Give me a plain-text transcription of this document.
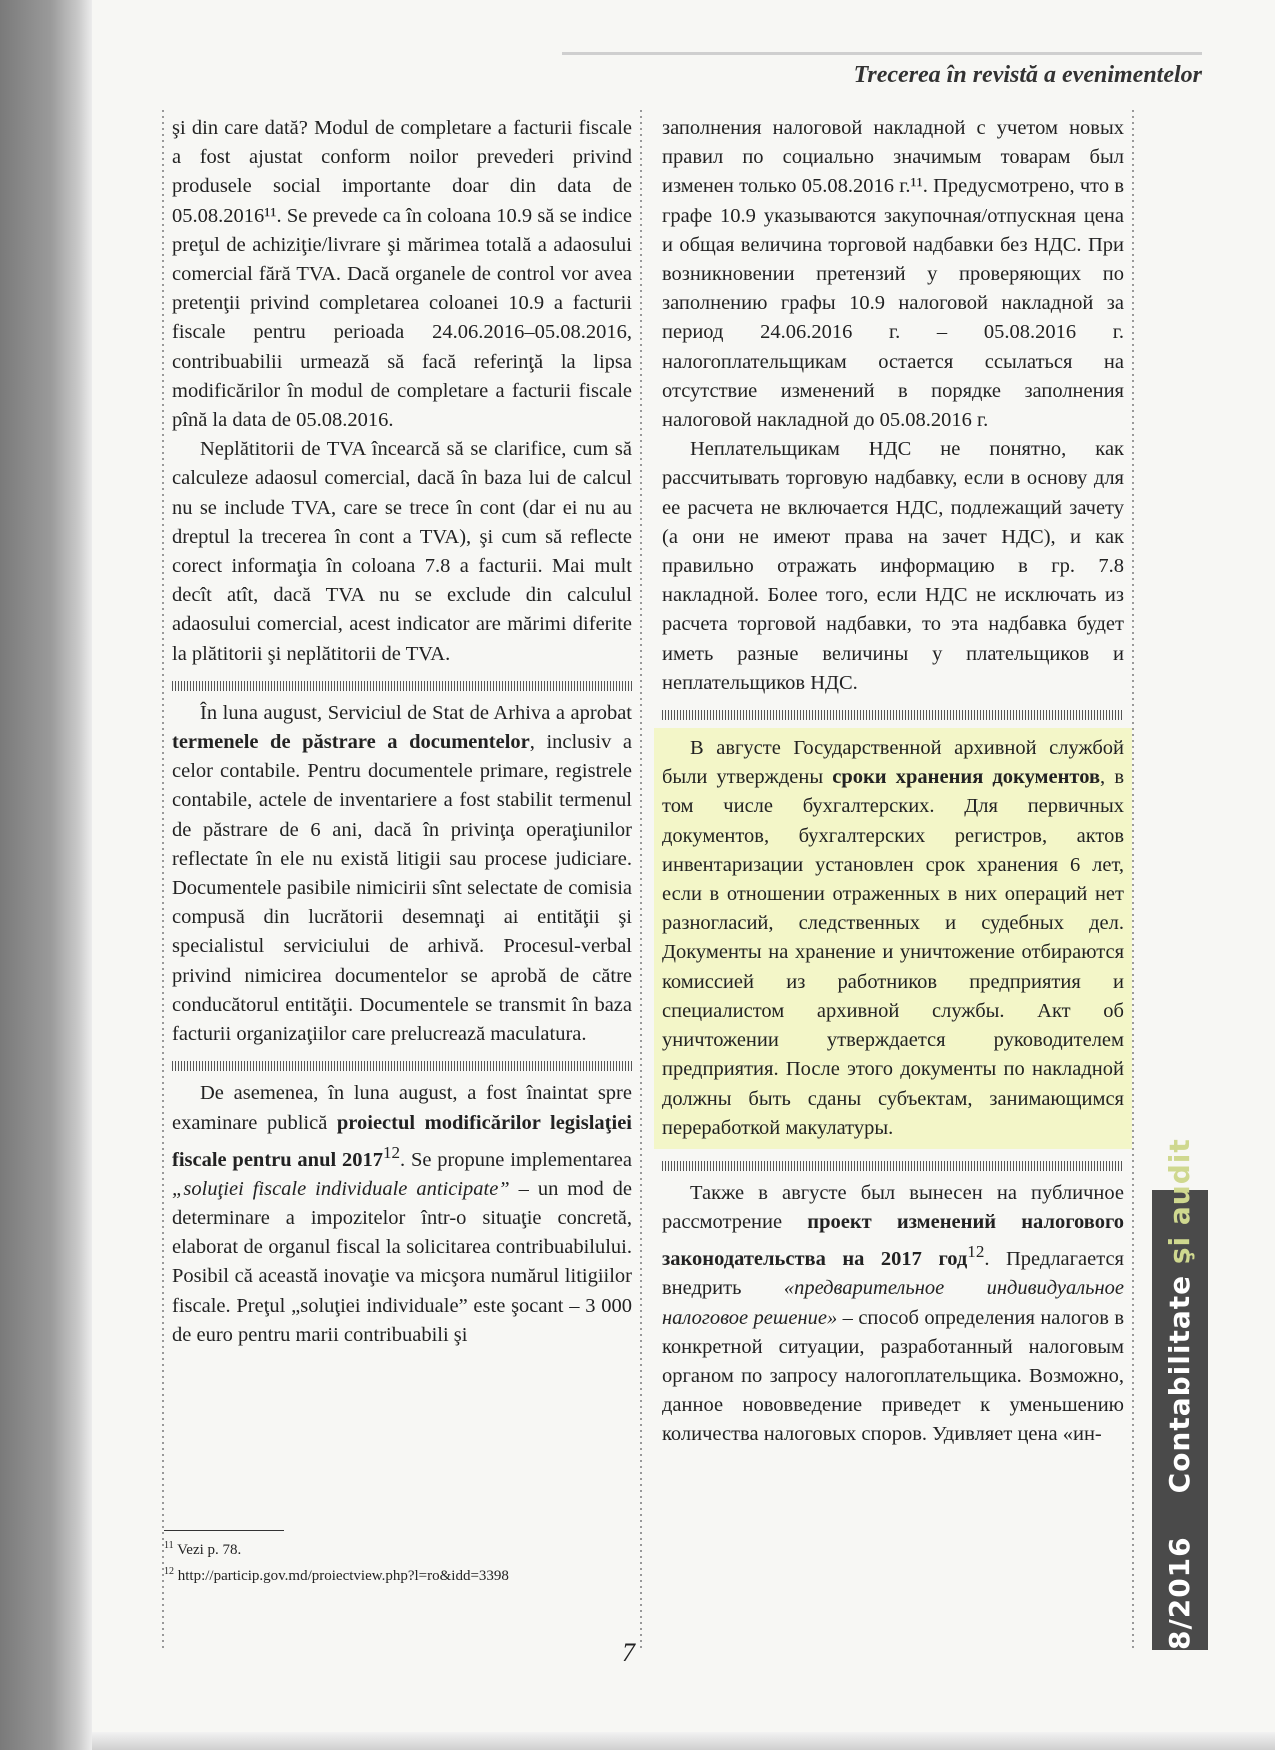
Trecerea în revistă a evenimentelor

şi din care dată? Modul de completare a facturii fiscale a fost ajustat conform noilor prevederi privind produsele social importante doar din data de 05.08.2016¹¹. Se prevede ca în coloana 10.9 să se indice preţul de achiziţie/livrare şi mărimea totală a adaosului comercial fără TVA. Dacă organele de control vor avea pretenţii privind completarea coloanei 10.9 a facturii fiscale pentru perioada 24.06.2016–05.08.2016, contribuabilii urmează să facă referinţă la lipsa modificărilor în modul de completare a facturii fiscale pînă la data de 05.08.2016.

Neplătitorii de TVA încearcă să se clarifice, cum să calculeze adaosul comercial, dacă în baza lui de calcul nu se include TVA, care se trece în cont (dar ei nu au dreptul la trecerea în cont a TVA), şi cum să reflecte corect informaţia în coloana 7.8 a facturii. Mai mult decît atît, dacă TVA nu se exclude din calculul adaosului comercial, acest indicator are mărimi diferite la plătitorii şi neplătitorii de TVA.

În luna august, Serviciul de Stat de Arhiva a aprobat termenele de păstrare a documentelor, inclusiv a celor contabile. Pentru documentele primare, registrele contabile, actele de inventariere a fost stabilit termenul de păstrare de 6 ani, dacă în privinţa operaţiunilor reflectate în ele nu există litigii sau procese judiciare. Documentele pasibile nimicirii sînt selectate de comisia compusă din lucrătorii desemnaţi ai entităţii şi specialistul serviciului de arhivă. Procesul-verbal privind nimicirea documentelor se aprobă de către conducătorul entităţii. Documentele se transmit în baza facturii organizaţiilor care prelucrează maculatura.

De asemenea, în luna august, a fost înaintat spre examinare publică proiectul modificărilor legislaţiei fiscale pentru anul 2017$^{12}$. Se propune implementarea „soluţiei fiscale individuale anticipate” – un mod de determinare a impozitelor într-o situaţie concretă, elaborat de organul fiscal la solicitarea contribuabilului. Posibil că această inovaţie va micşora numărul litigiilor fiscale. Preţul „soluţiei individuale” este şocant – 3 000 de euro pentru marii contribuabili şi

заполнения налоговой накладной с учетом новых правил по социально значимым товарам был изменен только 05.08.2016 г.¹¹. Предусмотрено, что в графе 10.9 указываются закупочная/отпускная цена и общая величина торговой надбавки без НДС. При возникновении претензий у проверяющих по заполнению графы 10.9 налоговой накладной за период 24.06.2016 г. – 05.08.2016 г. налогоплательщикам остается ссылаться на отсутствие изменений в порядке заполнения налоговой накладной до 05.08.2016 г.

Неплательщикам НДС не понятно, как рассчитывать торговую надбавку, если в основу для ее расчета не включается НДС, подлежащий зачету (а они не имеют права на зачет НДС), и как правильно отражать информацию в гр. 7.8 накладной. Более того, если НДС не исключать из расчета торговой надбавки, то эта надбавка будет иметь разные величины у плательщиков и неплательщиков НДС.

В августе Государственной архивной службой были утверждены сроки хранения документов, в том числе бухгалтерских. Для первичных документов, бухгалтерских регистров, актов инвентаризации установлен срок хранения 6 лет, если в отношении отраженных в них операций нет разногласий, следственных и судебных дел. Документы на хранение и уничтожение отбираются комиссией из работников предприятия и специалистом архивной службы. Акт об уничтожении утверждается руководителем предприятия. После этого документы по накладной должны быть сданы субъектам, занимающимся переработкой макулатуры.

Также в августе был вынесен на публичное рассмотрение проект изменений налогового законодательства на 2017 год$^{12}$. Предлагается внедрить «предварительное индивидуальное налоговое решение» – способ определения налогов в конкретной ситуации, разработанный налоговым органом по запросу налогоплательщика. Возможно, данное нововведение приведет к уменьшению количества налоговых споров. Удивляет цена «ин-

$^{11}$ Vezi p. 78.

$^{12}$ http://particip.gov.md/proiectview.php?l=ro&idd=3398

7
8/2016    Contabilitate şi audit
